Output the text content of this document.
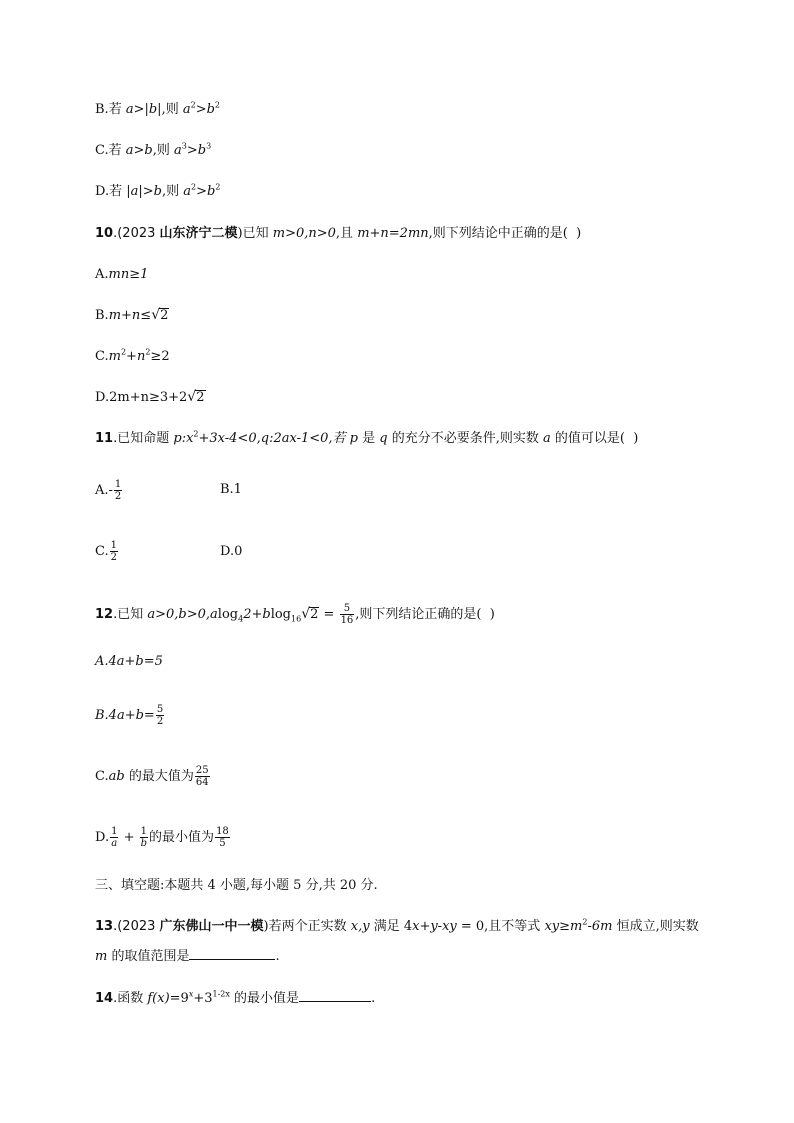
B.若 a>|b|,则 $a^2>b^2$
C.若 a>b,则 $a^3>b^3$
D.若 |a|>b,则 $a^2>b^2$
10.(2023 山东济宁二模)已知 m>0,n>0,且 m+n=2mn,则下列结论中正确的是(  )
A.mn≥1
B.m+n≤√2
$C.m^2+n^2\ge 2$
D.2m+n≥3+2√2
11.已知命题 $p:x^2+3x-4<0,q:2ax-1<0$,若 p 是 q 的充分不必要条件,则实数 a 的值可以是(  )
$A.- \frac{1}{2}$	B.1
C. $\frac{1}{2}$	D.0
12.已知 $a>0,b>0,alog_42+blog_{16}√2 = \frac{5}{16}$ ,则下列结论正确的是(  )
A.4a+b=5
$B.4a+b= \frac{5}{2}$
C.ab 的最大值为 $\frac{25}{64}$
D. $\frac{1}{a} + \frac{1}{b}$ 的最小值为 $\frac{18}{5}$
三、填空题:本题共 4 小题,每小题 5 分,共 20 分.
13.(2023 广东佛山一中一模)若两个正实数 x,y 满足 4x+y-xy = 0,且不等式 $xy\ge m^2-6m$ 恒成立,则实数
m 的取值范围是	.
14.函数 $f(x)=9^x+3^{1-2x}$ 的最小值是	.
